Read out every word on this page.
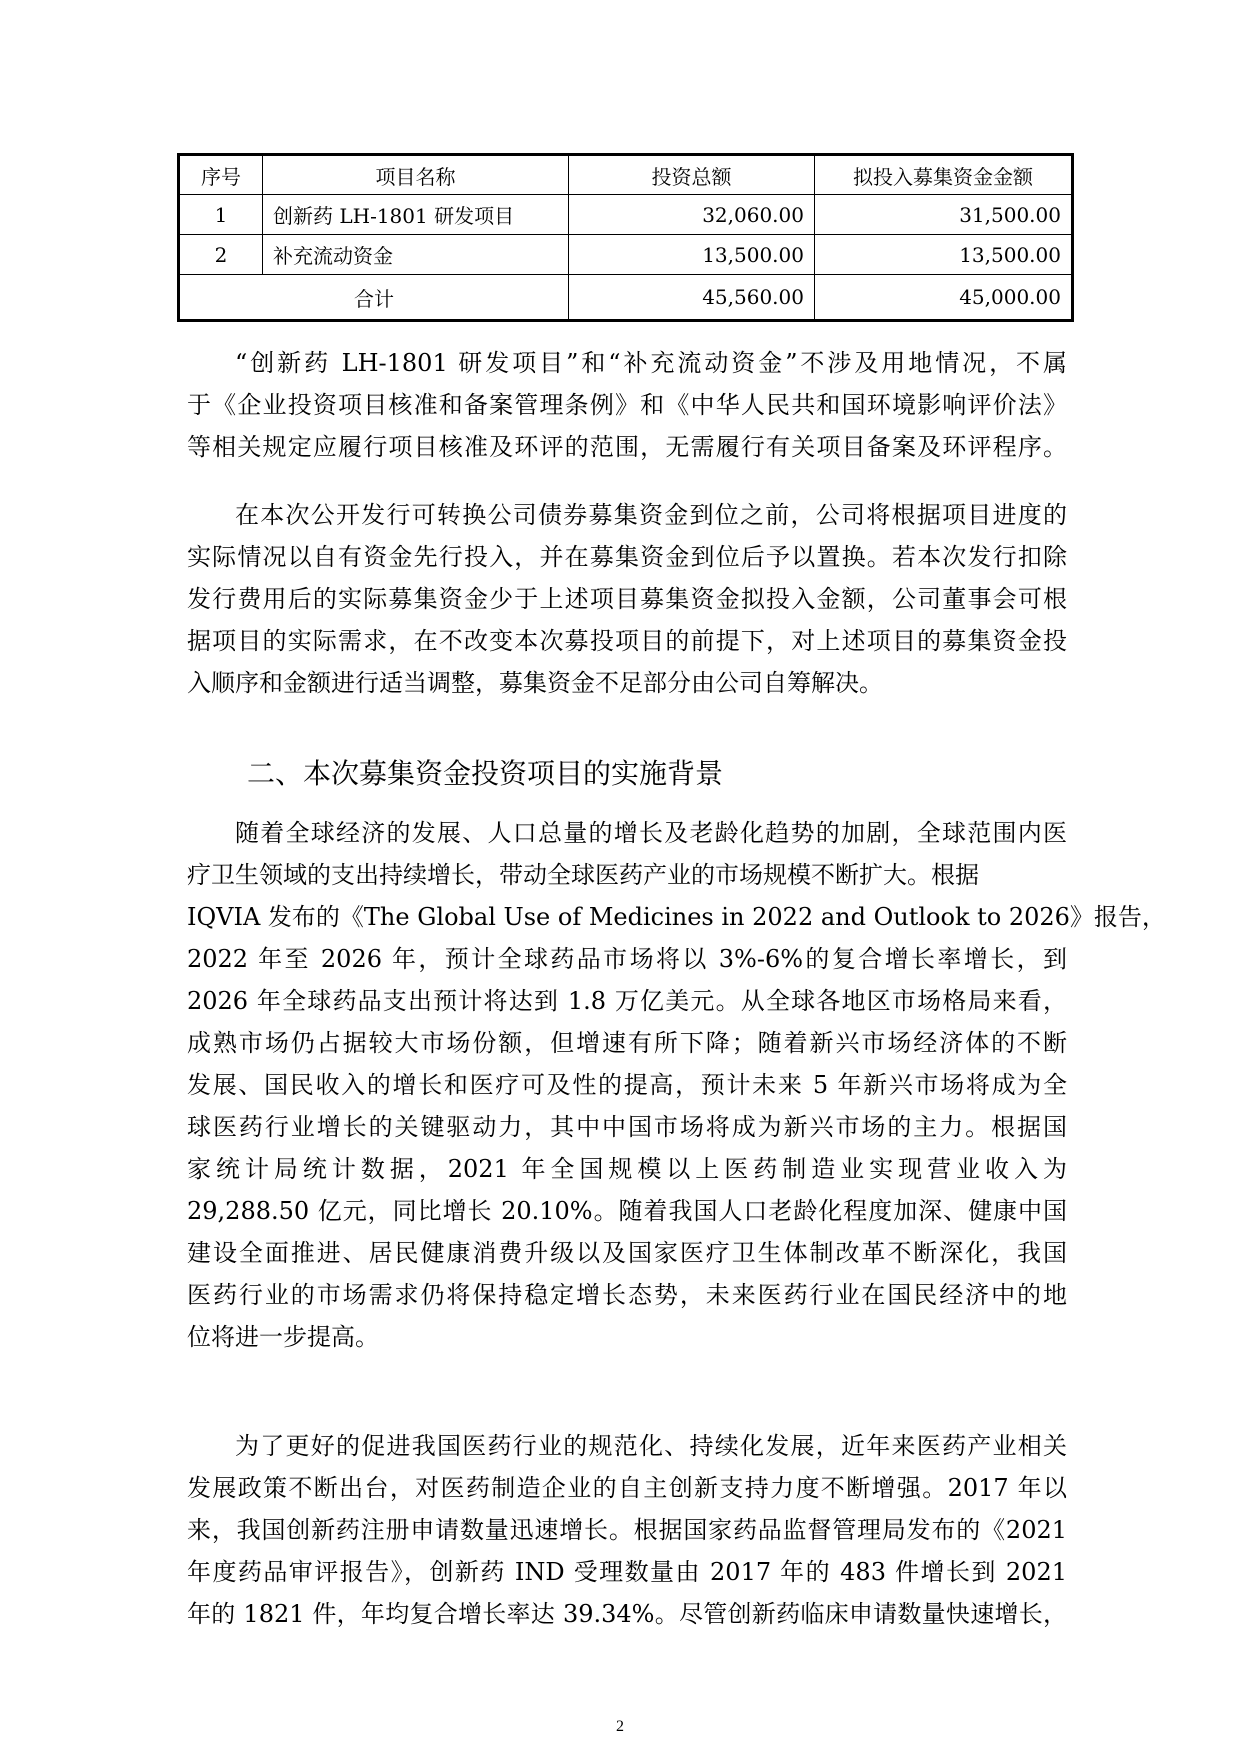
序号	项目名称	投资总额	拟投入募集资金金额
1	创新药 LH-1801 研发项目	32,060.00	31,500.00
2	补充流动资金	13,500.00	13,500.00
合计		45,560.00	45,000.00
“创新药 LH-1801 研发项目”和“补充流动资金”不涉及用地情况，不属
于《企业投资项目核准和备案管理条例》和《中华人民共和国环境影响评价法》
等相关规定应履行项目核准及环评的范围，无需履行有关项目备案及环评程序。
在本次公开发行可转换公司债券募集资金到位之前，公司将根据项目进度的
实际情况以自有资金先行投入，并在募集资金到位后予以置换。若本次发行扣除
发行费用后的实际募集资金少于上述项目募集资金拟投入金额，公司董事会可根
据项目的实际需求，在不改变本次募投项目的前提下，对上述项目的募集资金投
入顺序和金额进行适当调整，募集资金不足部分由公司自筹解决。
二、本次募集资金投资项目的实施背景
随着全球经济的发展、人口总量的增长及老龄化趋势的加剧，全球范围内医
疗卫生领域的支出持续增长，带动全球医药产业的市场规模不断扩大。根据
IQVIA 发布的《The Global Use of Medicines in 2022 and Outlook to 2026》报告，
2022 年至 2026 年，预计全球药品市场将以 3%-6%的复合增长率增长，到
2026 年全球药品支出预计将达到 1.8 万亿美元。从全球各地区市场格局来看，
成熟市场仍占据较大市场份额，但增速有所下降；随着新兴市场经济体的不断
发展、国民收入的增长和医疗可及性的提高，预计未来 5 年新兴市场将成为全
球医药行业增长的关键驱动力，其中中国市场将成为新兴市场的主力。根据国
家统计局统计数据，2021 年全国规模以上医药制造业实现营业收入为
29,288.50 亿元，同比增长 20.10%。随着我国人口老龄化程度加深、健康中国
建设全面推进、居民健康消费升级以及国家医疗卫生体制改革不断深化，我国
医药行业的市场需求仍将保持稳定增长态势，未来医药行业在国民经济中的地
位将进一步提高。
为了更好的促进我国医药行业的规范化、持续化发展，近年来医药产业相关
发展政策不断出台，对医药制造企业的自主创新支持力度不断增强。2017 年以
来，我国创新药注册申请数量迅速增长。根据国家药品监督管理局发布的《2021
年度药品审评报告》，创新药 IND 受理数量由 2017 年的 483 件增长到 2021
年的 1821 件，年均复合增长率达 39.34%。尽管创新药临床申请数量快速增长，
2
